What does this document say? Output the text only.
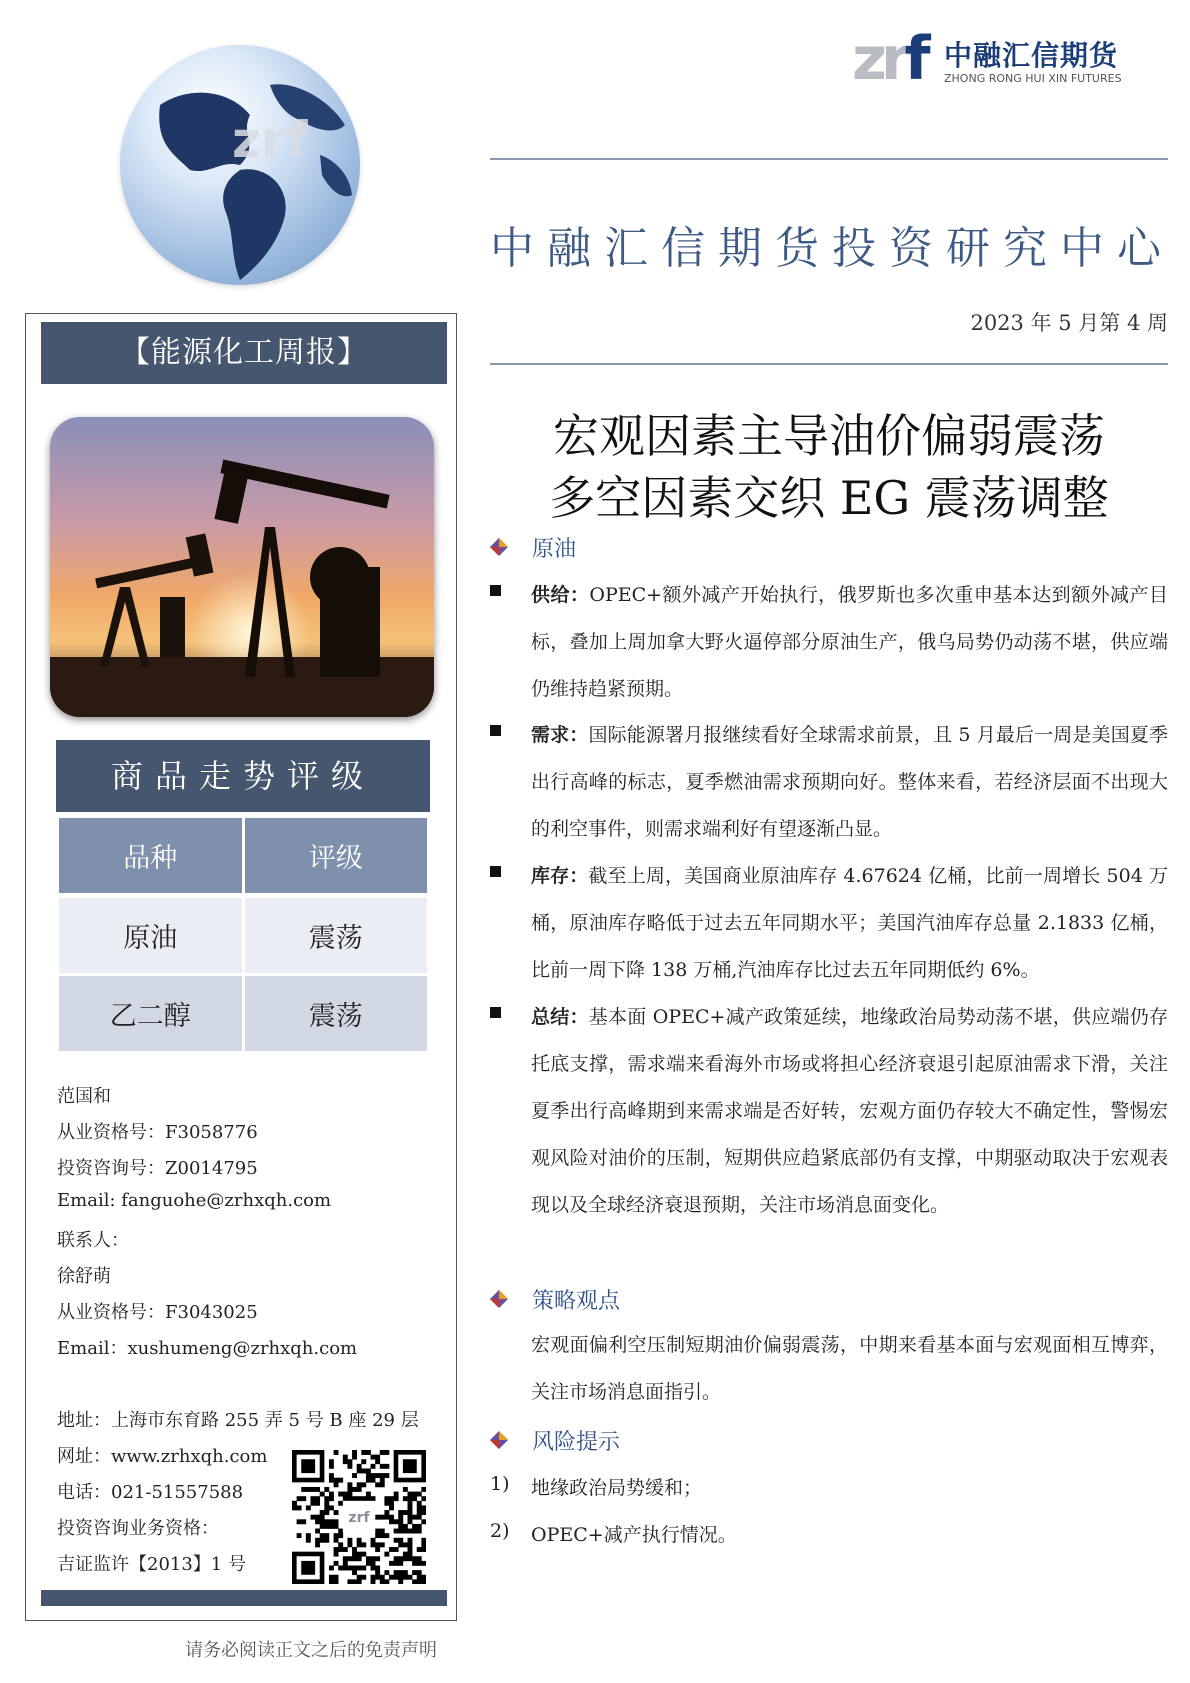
zrf
zrf 中融汇信期货
ZHONG RONG HUI XIN FUTURES
中融汇信期货投资研究中心
2023 年 5 月第 4 周
【能源化工周报】
商品走势评级
品种	评级

原油	震荡
乙二醇	震荡
范国和
从业资格号：F3058776
投资咨询号：Z0014795
Email: fanguohe@zrhxqh.com
联系人：
徐舒萌
从业资格号：F3043025
Email：xushumeng@zrhxqh.com
地址：上海市东育路 255 弄 5 号 B 座 29 层
网址：www.zrhxqh.com
电话：021-51557588
投资咨询业务资格：
吉证监许【2013】1 号
zrf
请务必阅读正文之后的免责声明
宏观因素主导油价偏弱震荡
多空因素交织 EG 震荡调整
原油
供给：OPEC+额外减产开始执行，俄罗斯也多次重申基本达到额外减产目标，叠加上周加拿大野火逼停部分原油生产，俄乌局势仍动荡不堪，供应端仍维持趋紧预期。
需求：国际能源署月报继续看好全球需求前景，且 5 月最后一周是美国夏季出行高峰的标志，夏季燃油需求预期向好。整体来看，若经济层面不出现大的利空事件，则需求端利好有望逐渐凸显。
库存：截至上周，美国商业原油库存 4.67624 亿桶，比前一周增长 504 万桶，原油库存略低于过去五年同期水平；美国汽油库存总量 2.1833 亿桶，比前一周下降 138 万桶,汽油库存比过去五年同期低约 6%。
总结：基本面 OPEC+减产政策延续，地缘政治局势动荡不堪，供应端仍存托底支撑，需求端来看海外市场或将担心经济衰退引起原油需求下滑，关注夏季出行高峰期到来需求端是否好转，宏观方面仍存较大不确定性，警惕宏观风险对油价的压制，短期供应趋紧底部仍有支撑，中期驱动取决于宏观表现以及全球经济衰退预期，关注市场消息面变化。
策略观点
宏观面偏利空压制短期油价偏弱震荡，中期来看基本面与宏观面相互博弈，关注市场消息面指引。
风险提示
1) 地缘政治局势缓和；
2) OPEC+减产执行情况。
